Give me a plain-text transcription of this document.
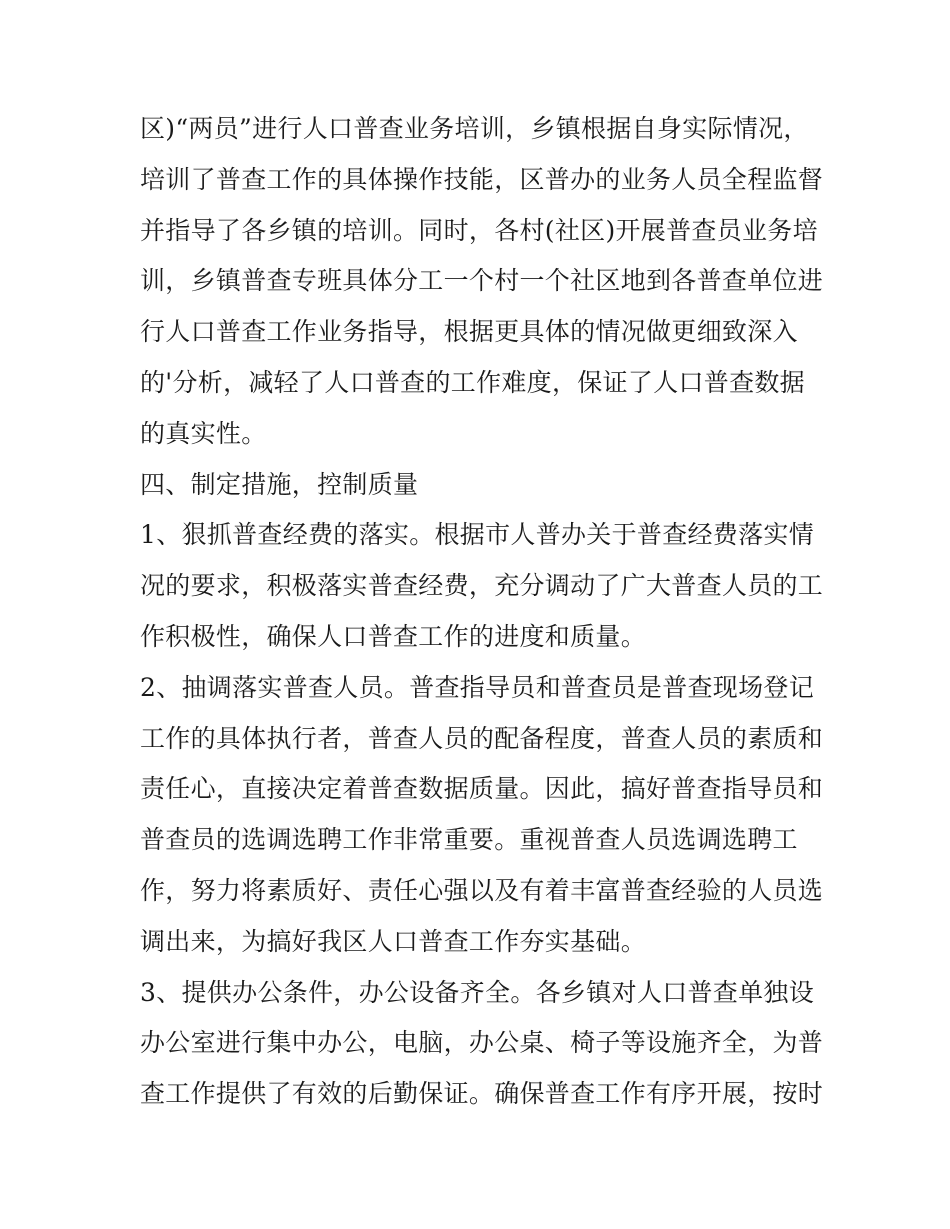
区)“两员”进行人口普查业务培训，乡镇根据自身实际情况，
培训了普查工作的具体操作技能，区普办的业务人员全程监督
并指导了各乡镇的培训。同时，各村(社区)开展普查员业务培
训，乡镇普查专班具体分工一个村一个社区地到各普查单位进
行人口普查工作业务指导，根据更具体的情况做更细致深入
的'分析，减轻了人口普查的工作难度，保证了人口普查数据
的真实性。
四、制定措施，控制质量
1、狠抓普查经费的落实。根据市人普办关于普查经费落实情
况的要求，积极落实普查经费，充分调动了广大普查人员的工
作积极性，确保人口普查工作的进度和质量。
2、抽调落实普查人员。普查指导员和普查员是普查现场登记
工作的具体执行者，普查人员的配备程度，普查人员的素质和
责任心，直接决定着普查数据质量。因此，搞好普查指导员和
普查员的选调选聘工作非常重要。重视普查人员选调选聘工
作，努力将素质好、责任心强以及有着丰富普查经验的人员选
调出来，为搞好我区人口普查工作夯实基础。
3、提供办公条件，办公设备齐全。各乡镇对人口普查单独设
办公室进行集中办公，电脑，办公桌、椅子等设施齐全，为普
查工作提供了有效的后勤保证。确保普查工作有序开展，按时
